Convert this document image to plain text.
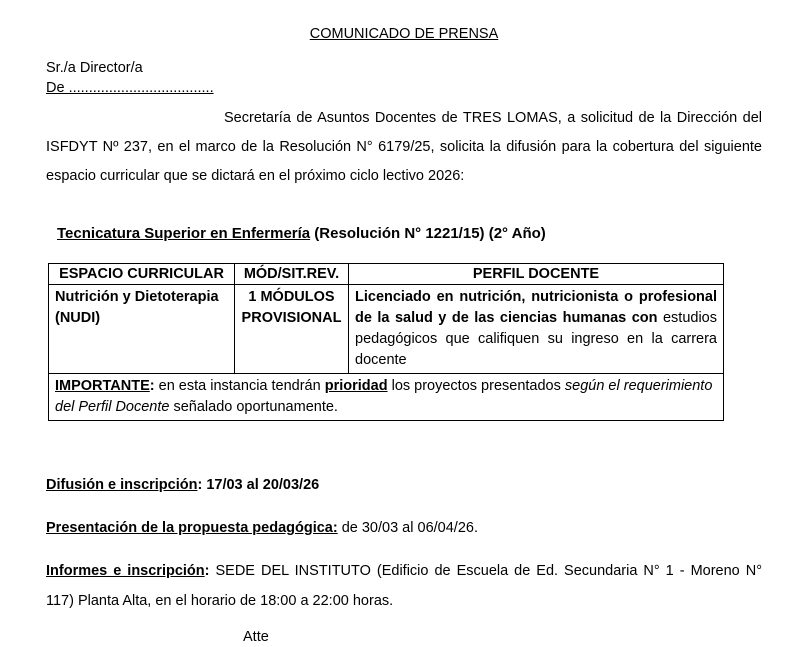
COMUNICADO DE PRENSA
Sr./a Director/a
De ....................................

Secretaría de Asuntos Docentes de TRES LOMAS, a solicitud de la Dirección del ISFDYT Nº 237, en el marco de la Resolución N° 6179/25, solicita la difusión para la cobertura del siguiente espacio curricular que se dictará en el próximo ciclo lectivo 2026:

Tecnicatura Superior en Enfermería (Resolución N° 1221/15) (2° Año)
ESPACIO CURRICULAR	MÓD/SIT.REV.	PERFIL DOCENTE
Nutrición y Dietoterapia (NUDI)	1 MÓDULOS PROVISIONAL	Licenciado en nutrición, nutricionista o profesional de la salud y de las ciencias humanas con estudios pedagógicos que califiquen su ingreso en la carrera docente
IMPORTANTE: en esta instancia tendrán prioridad los proyectos presentados según el requerimiento del Perfil Docente señalado oportunamente.		

Difusión e inscripción: 17/03 al 20/03/26

Presentación de la propuesta pedagógica: de 30/03 al 06/04/26.

Informes e inscripción: SEDE DEL INSTITUTO (Edificio de Escuela de Ed. Secundaria N° 1 - Moreno N° 117) Planta Alta, en el horario de 18:00 a 22:00 horas.

Atte
